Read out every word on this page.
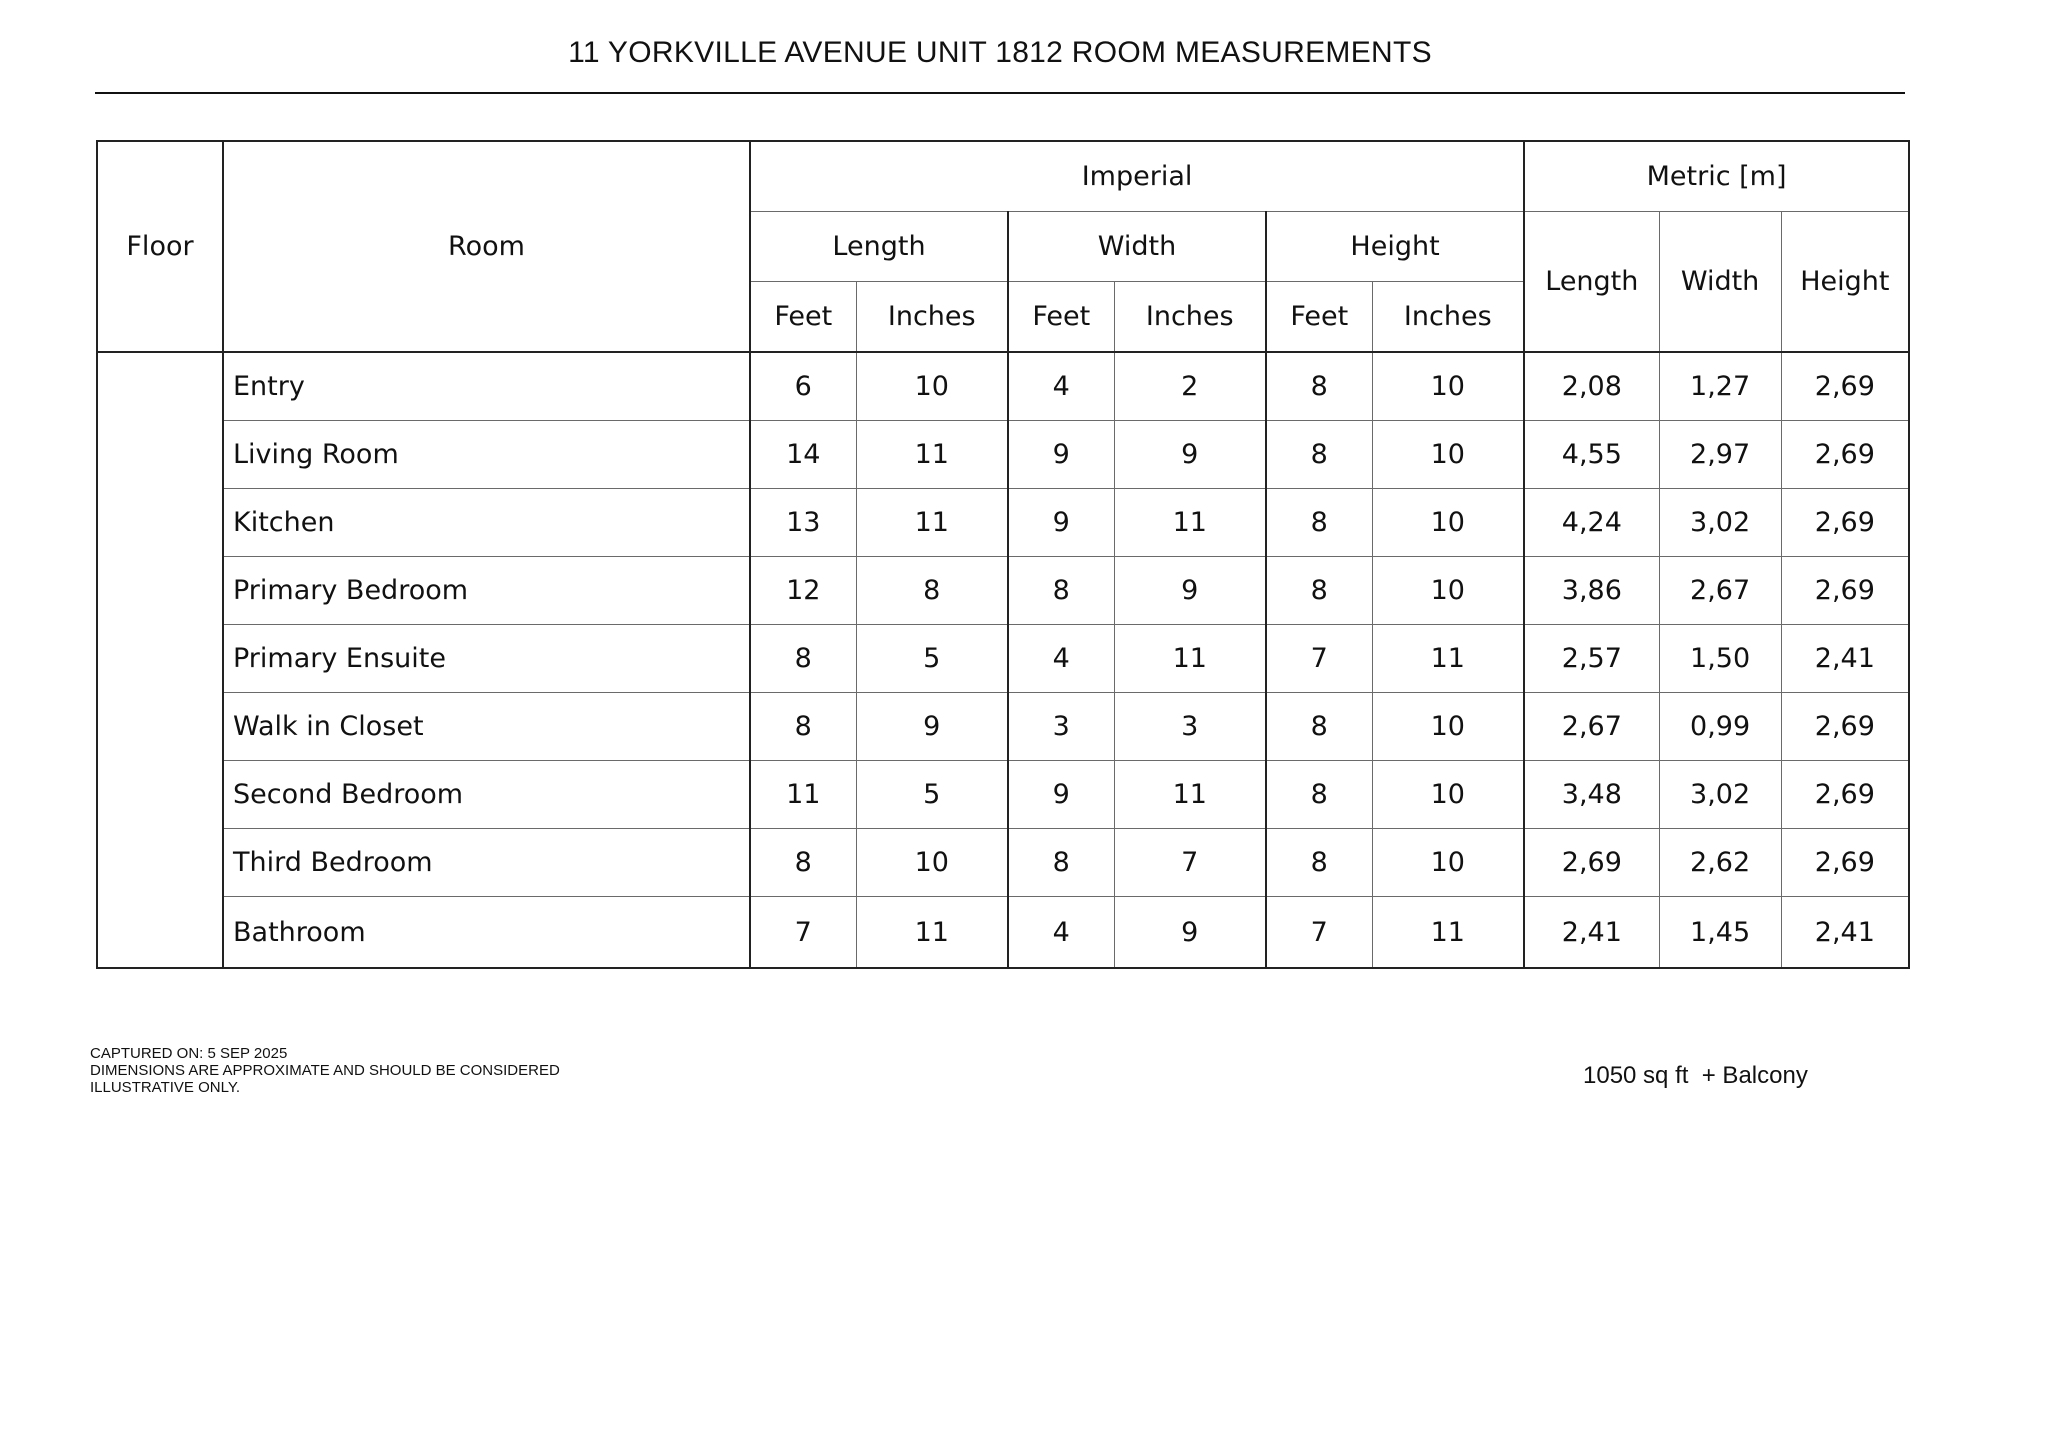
11 YORKVILLE AVENUE UNIT 1812 ROOM MEASUREMENTS
Floor	Room	Imperial						Metric [m]		
		Length		Width		Height		Length	Width	Height
		Feet	Inches	Feet	Inches	Feet	Inches			
	Entry	6	10	4	2	8	10	2,08	1,27	2,69
	Living Room	14	11	9	9	8	10	4,55	2,97	2,69
	Kitchen	13	11	9	11	8	10	4,24	3,02	2,69
	Primary Bedroom	12	8	8	9	8	10	3,86	2,67	2,69
	Primary Ensuite	8	5	4	11	7	11	2,57	1,50	2,41
	Walk in Closet	8	9	3	3	8	10	2,67	0,99	2,69
	Second Bedroom	11	5	9	11	8	10	3,48	3,02	2,69
	Third Bedroom	8	10	8	7	8	10	2,69	2,62	2,69
	Bathroom	7	11	4	9	7	11	2,41	1,45	2,41
CAPTURED ON: 5 SEP 2025
DIMENSIONS ARE APPROXIMATE AND SHOULD BE CONSIDERED
ILLUSTRATIVE ONLY.	1050 sq ft  + Balcony
